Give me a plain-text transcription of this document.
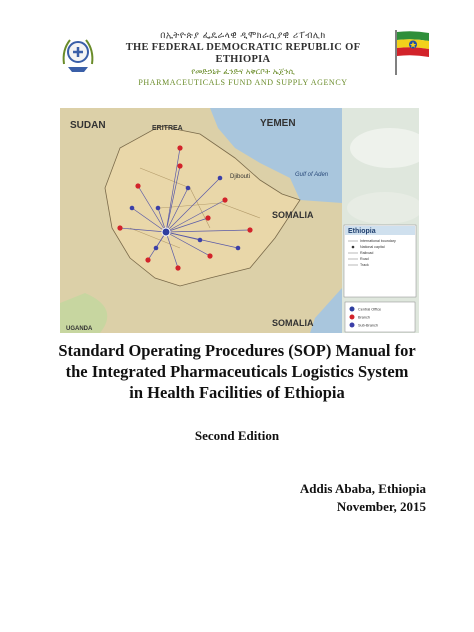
በኢትዮጵያ ፌዴራላዊ ዲሞክራሲያዊ ሪፐብሊክ
THE FEDERAL DEMOCRATIC REPUBLIC OF ETHIOPIA
የመድኃኒት ፈንድና አቅርቦት ኤጀንሲ
PHARMACEUTICALS FUND AND SUPPLY AGENCY
SUDAN	ERITREA	YEMEN
Djibouti	Gulf of Aden
SOMALIA
SOMALIA
UGANDA
Ethiopia
International boundary
National capital
Railroad
Road
Track
Central Office
Branch
Sub-Branch
Standard Operating Procedures (SOP) Manual for
the Integrated Pharmaceuticals Logistics System
in Health Facilities of Ethiopia
Second Edition
Addis Ababa, Ethiopia
November, 2015
